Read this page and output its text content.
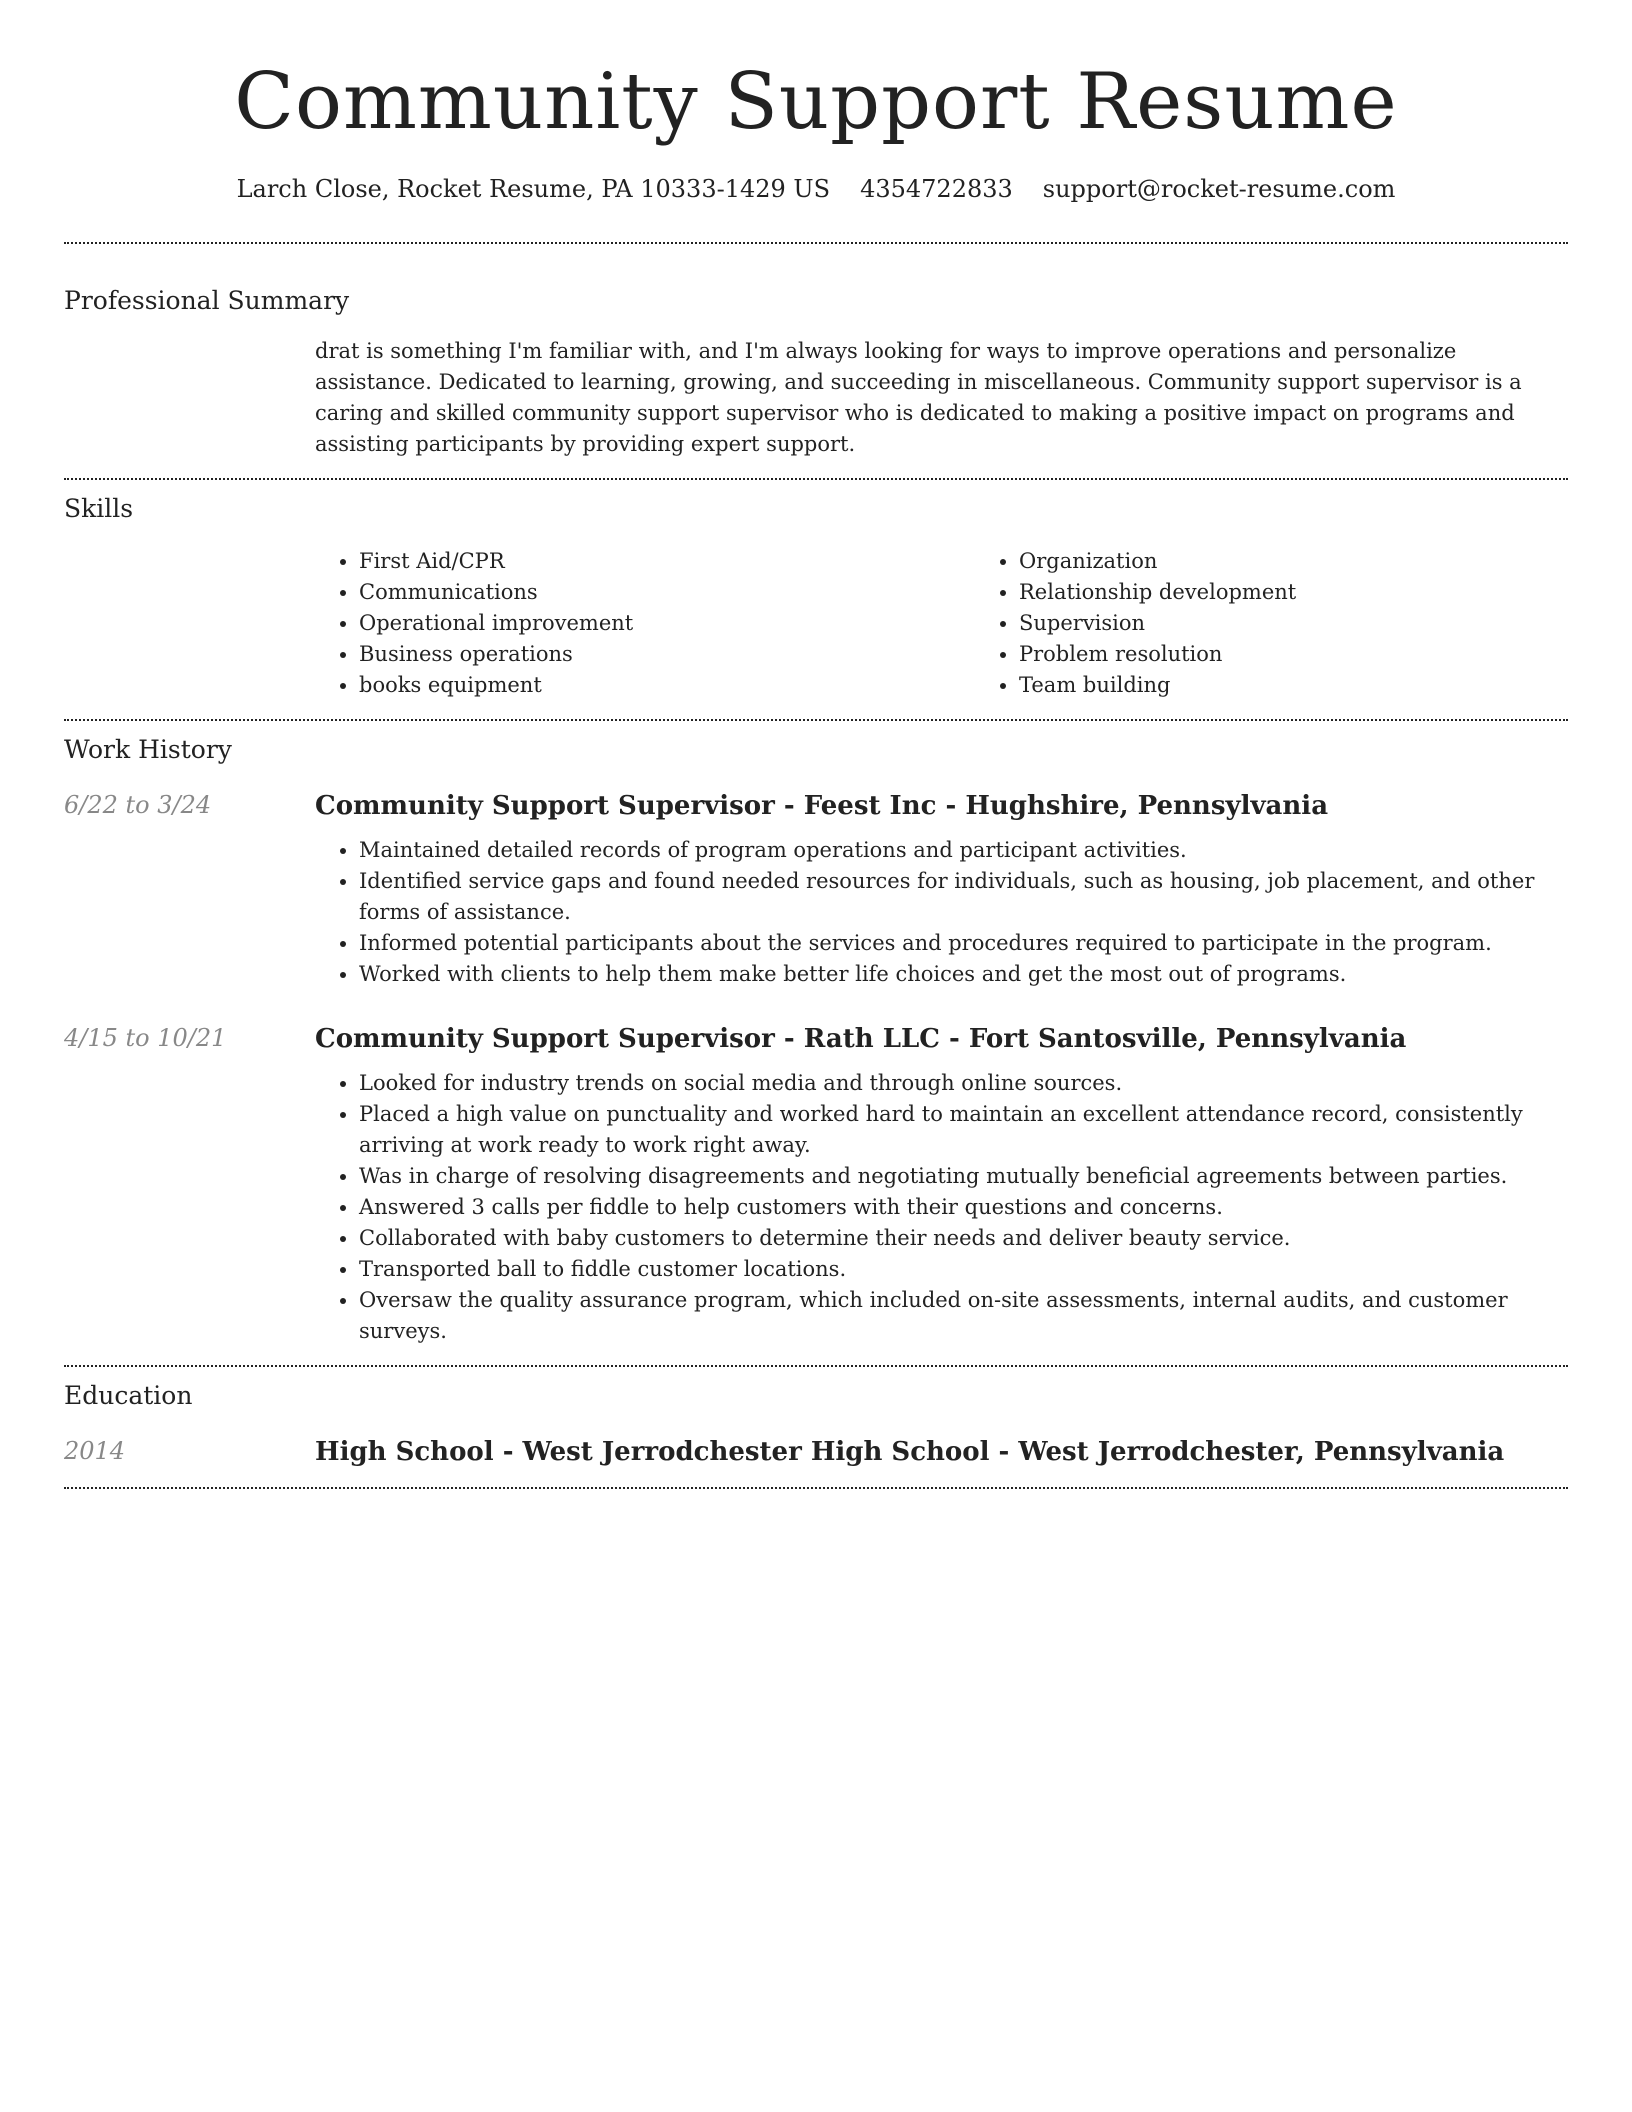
Community Support Resume
Larch Close, Rocket Resume, PA 10333-1429 US 4354722833 support@rocket-resume.com
Professional Summary

drat is something I'm familiar with, and I'm always looking for ways to improve operations and personalize assistance. Dedicated to learning, growing, and succeeding in miscellaneous. Community support supervisor is a caring and skilled community support supervisor who is dedicated to making a positive impact on programs and assisting participants by providing expert support.

Skills
• First Aid/CPR
• Communications
• Operational improvement
• Business operations
• books equipment
• Organization
• Relationship development
• Supervision
• Problem resolution
• Team building
Work History
6/22 to 3/24	Community Support Supervisor - Feest Inc - Hughshire, Pennsylvania
• Maintained detailed records of program operations and participant activities.
• Identified service gaps and found needed resources for individuals, such as housing, job placement, and other forms of assistance.
• Informed potential participants about the services and procedures required to participate in the program.
• Worked with clients to help them make better life choices and get the most out of programs.
4/15 to 10/21	Community Support Supervisor - Rath LLC - Fort Santosville, Pennsylvania
• Looked for industry trends on social media and through online sources.
• Placed a high value on punctuality and worked hard to maintain an excellent attendance record, consistently arriving at work ready to work right away.
• Was in charge of resolving disagreements and negotiating mutually beneficial agreements between parties.
• Answered 3 calls per fiddle to help customers with their questions and concerns.
• Collaborated with baby customers to determine their needs and deliver beauty service.
• Transported ball to fiddle customer locations.
• Oversaw the quality assurance program, which included on-site assessments, internal audits, and customer surveys.
Education
2014	High School - West Jerrodchester High School - West Jerrodchester, Pennsylvania
